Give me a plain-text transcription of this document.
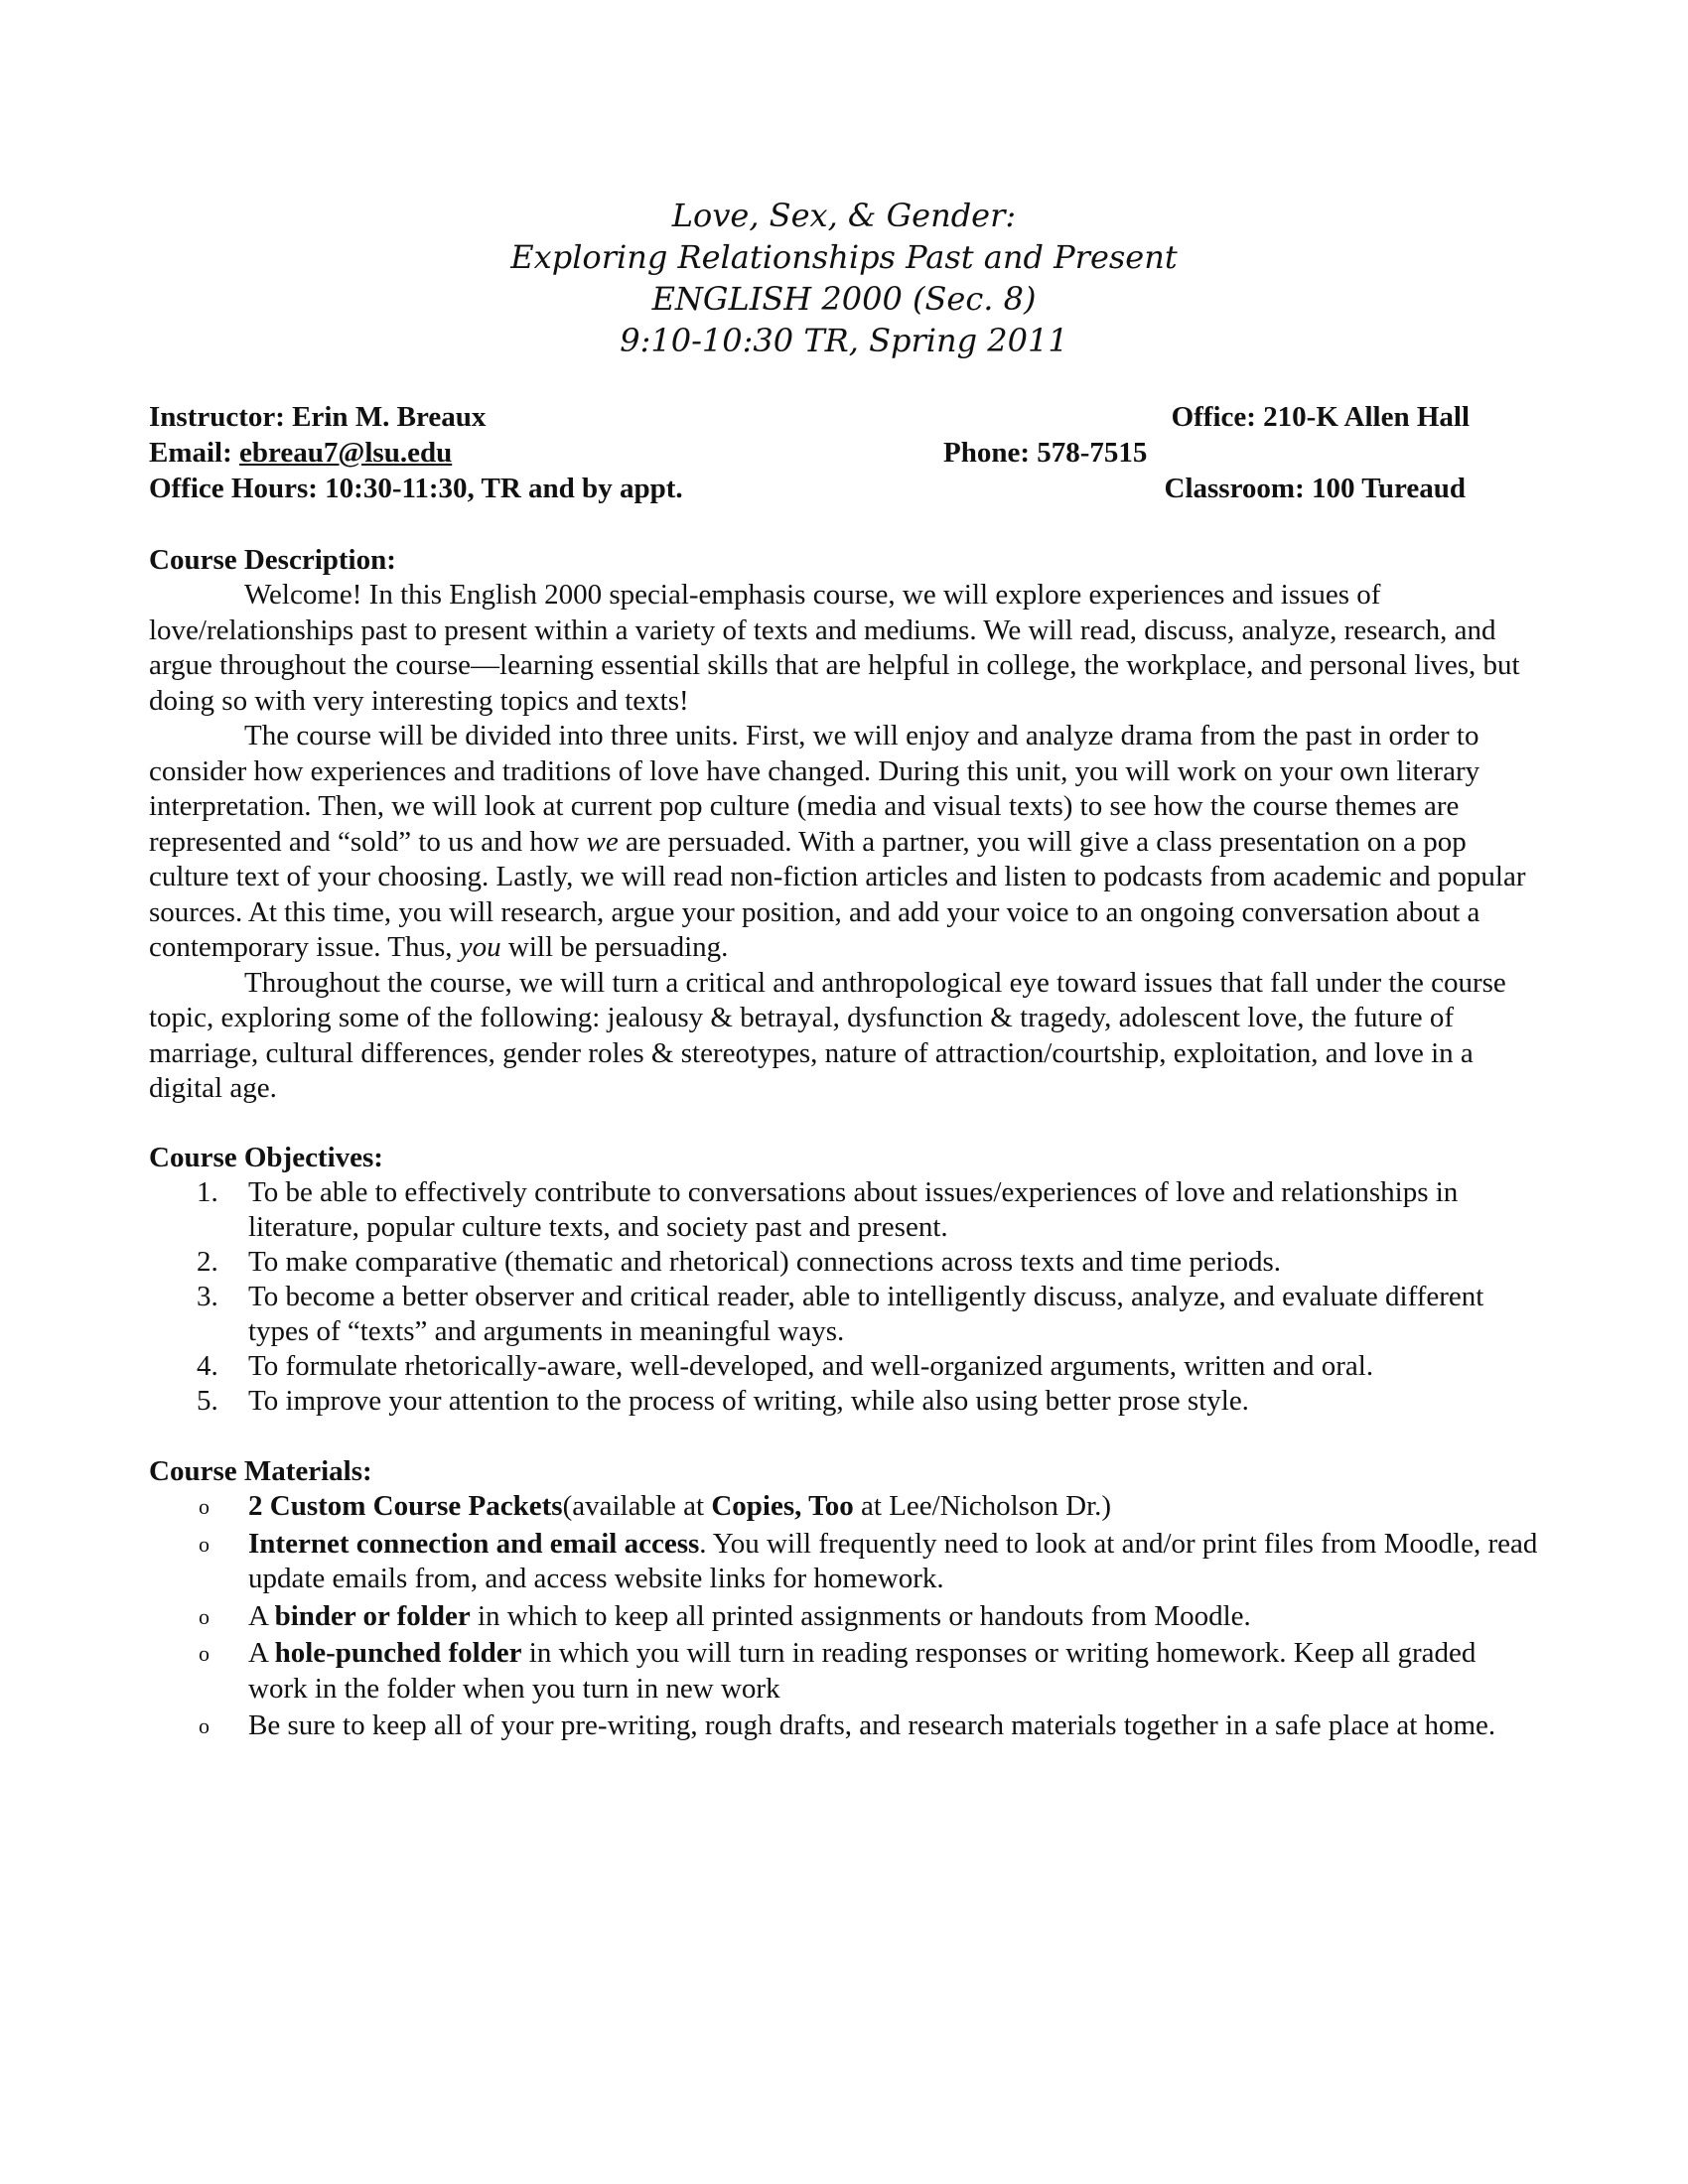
Love, Sex, & Gender:
Exploring Relationships Past and Present
ENGLISH 2000 (Sec. 8)
9:10-10:30 TR, Spring 2011
Instructor: Erin M. Breaux	Office: 210-K Allen Hall
Email: ebreau7@lsu.edu	Phone: 578-7515
Office Hours: 10:30-11:30, TR and by appt.	Classroom: 100 Tureaud
Course Description:

Welcome! In this English 2000 special-emphasis course, we will explore experiences and issues of love/relationships past to present within a variety of texts and mediums. We will read, discuss, analyze, research, and argue throughout the course—learning essential skills that are helpful in college, the workplace, and personal lives, but doing so with very interesting topics and texts!

The course will be divided into three units. First, we will enjoy and analyze drama from the past in order to consider how experiences and traditions of love have changed. During this unit, you will work on your own literary interpretation. Then, we will look at current pop culture (media and visual texts) to see how the course themes are represented and “sold” to us and how we are persuaded. With a partner, you will give a class presentation on a pop culture text of your choosing. Lastly, we will read non-fiction articles and listen to podcasts from academic and popular sources. At this time, you will research, argue your position, and add your voice to an ongoing conversation about a contemporary issue. Thus, you will be persuading.

Throughout the course, we will turn a critical and anthropological eye toward issues that fall under the course topic, exploring some of the following: jealousy & betrayal, dysfunction & tragedy, adolescent love, the future of marriage, cultural differences, gender roles & stereotypes, nature of attraction/courtship, exploitation, and love in a digital age.

Course Objectives:
1. To be able to effectively contribute to conversations about issues/experiences of love and relationships in literature, popular culture texts, and society past and present.
2. To make comparative (thematic and rhetorical) connections across texts and time periods.
3. To become a better observer and critical reader, able to intelligently discuss, analyze, and evaluate different types of “texts” and arguments in meaningful ways.
4. To formulate rhetorically-aware, well-developed, and well-organized arguments, written and oral.
5. To improve your attention to the process of writing, while also using better prose style.
Course Materials:
o 2 Custom Course Packets(available at Copies, Too at Lee/Nicholson Dr.)
o Internet connection and email access. You will frequently need to look at and/or print files from Moodle, read update emails from, and access website links for homework.
o A binder or folder in which to keep all printed assignments or handouts from Moodle.
o A hole-punched folder in which you will turn in reading responses or writing homework. Keep all graded work in the folder when you turn in new work
o Be sure to keep all of your pre-writing, rough drafts, and research materials together in a safe place at home.
